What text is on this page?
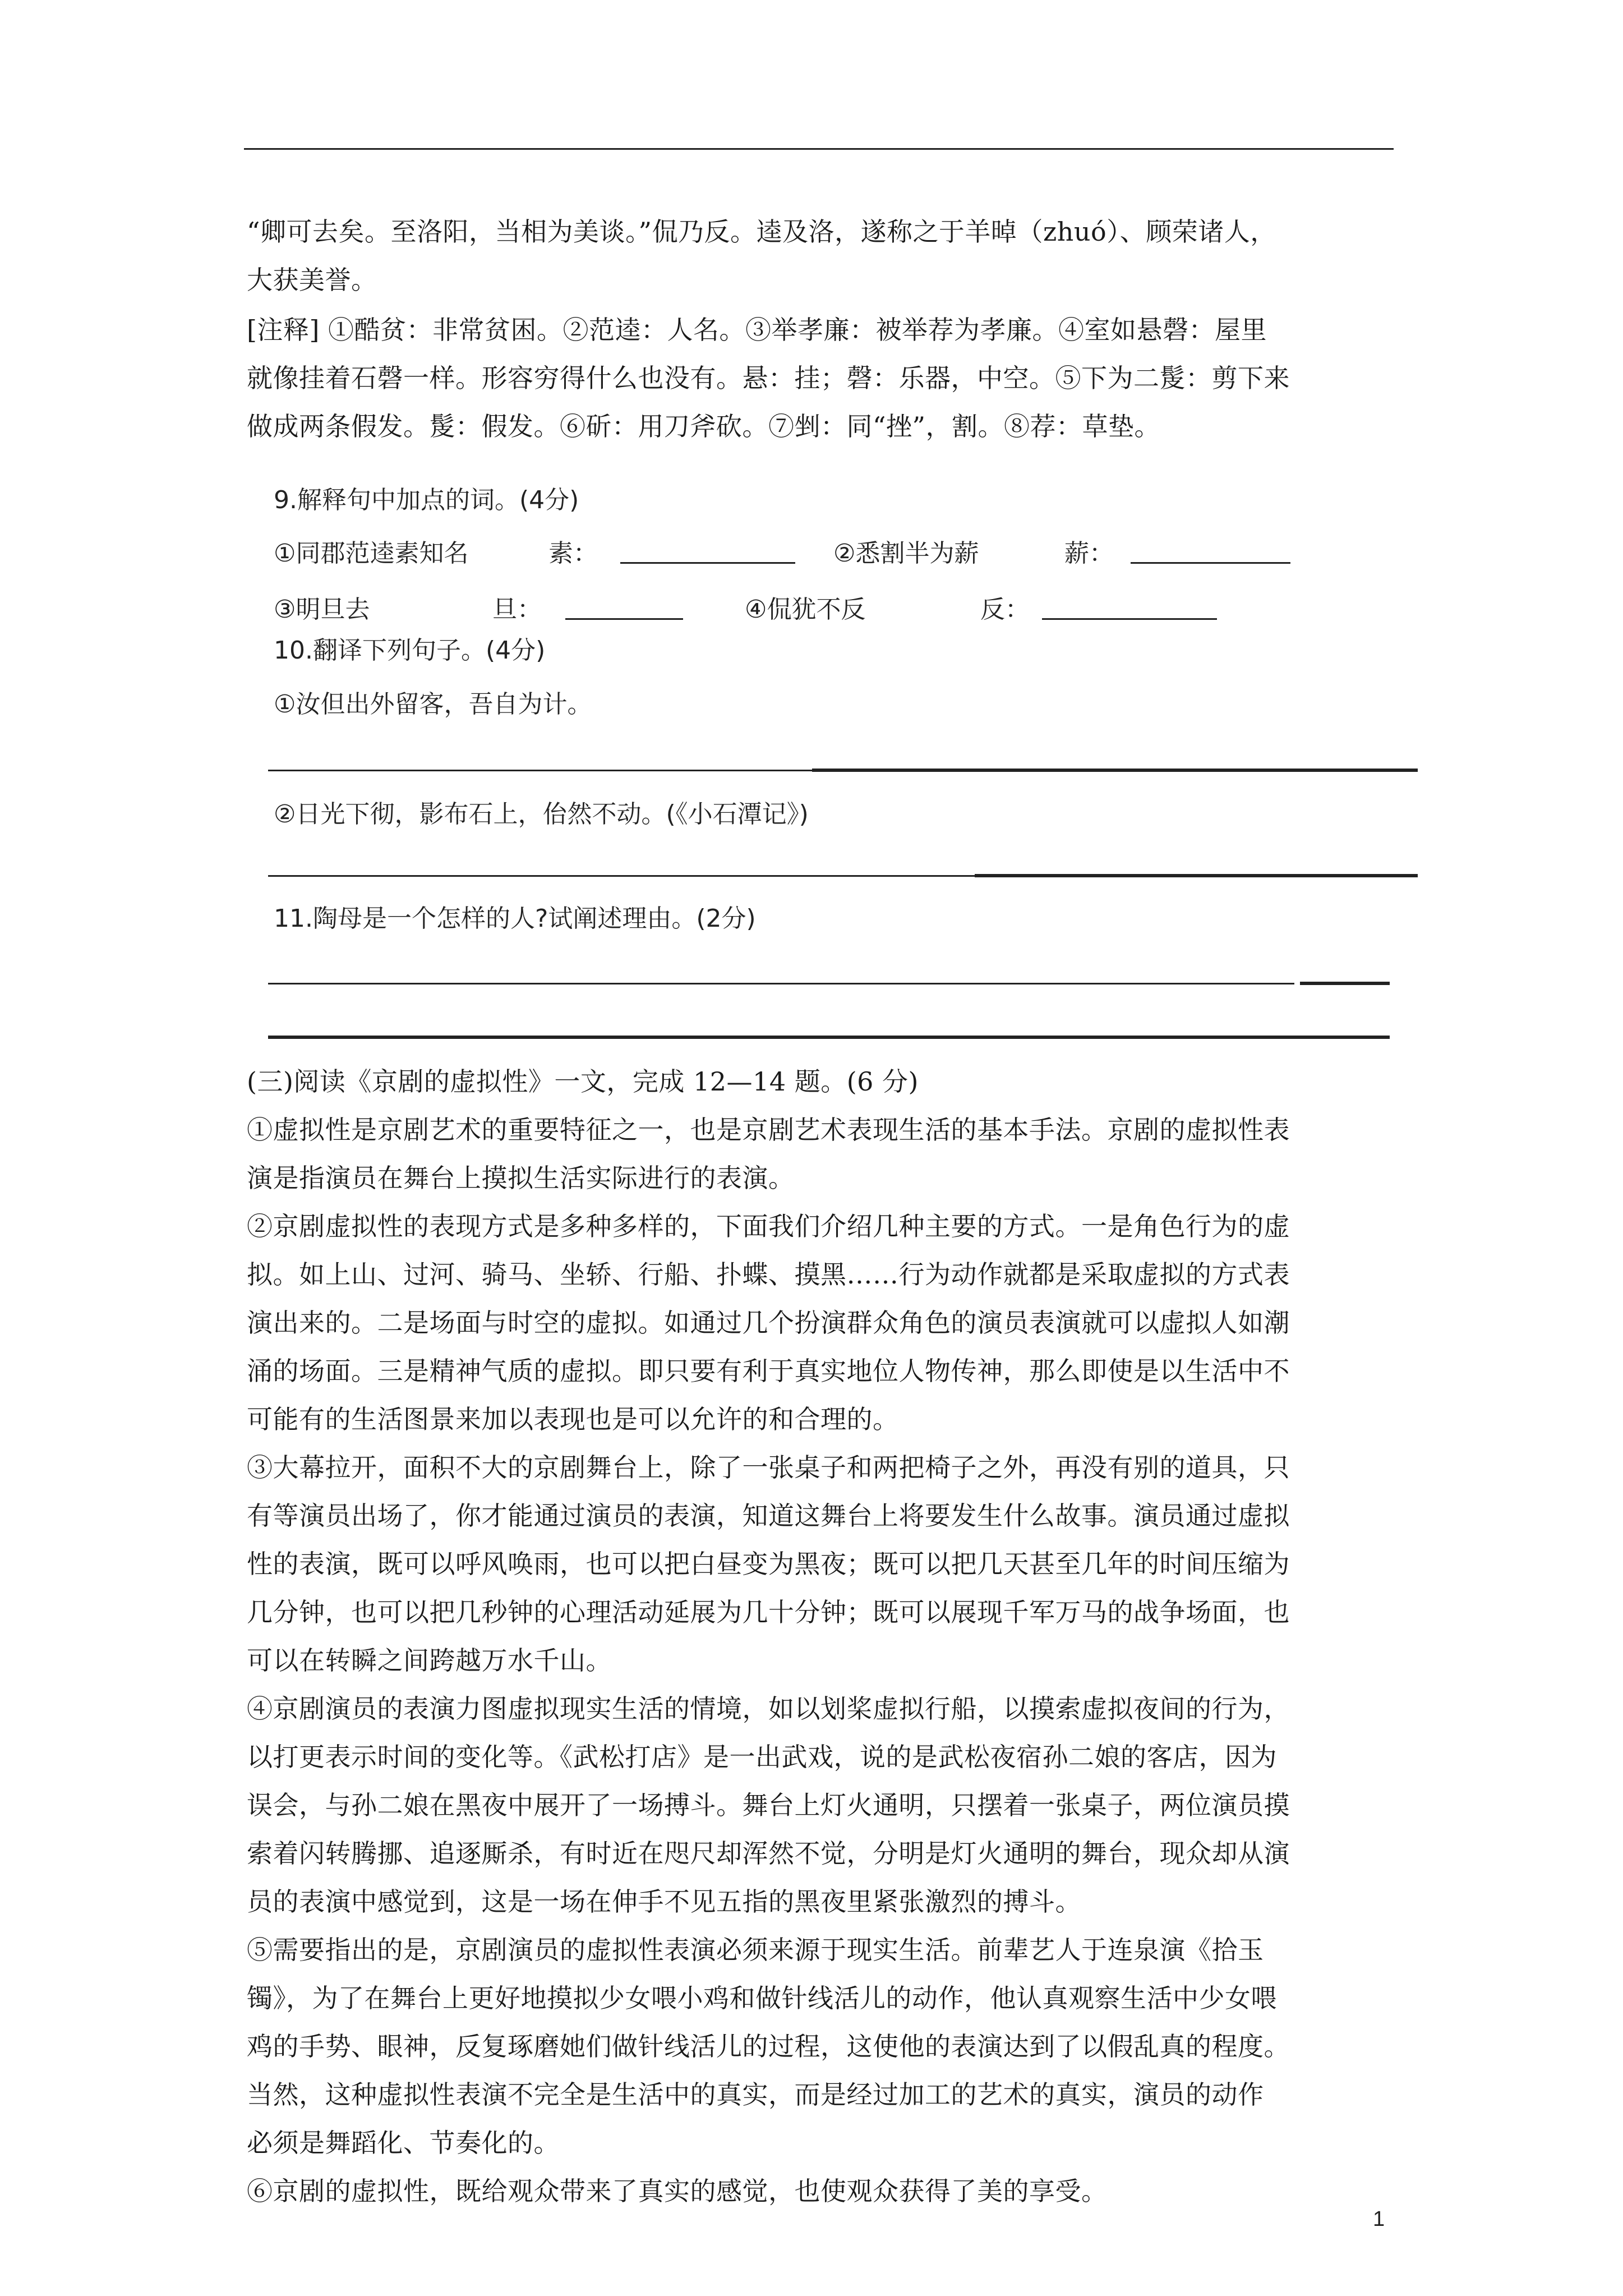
“卿可去矣。至洛阳，当相为美谈。”侃乃反。逵及洛，遂称之于羊晫（zhuó）、顾荣诸人，

大获美誉。

[注释] ①酷贫：非常贫困。②范逵：人名。③举孝廉：被举荐为孝廉。④室如悬磬：屋里

就像挂着石磬一样。形容穷得什么也没有。悬：挂；磬：乐器，中空。⑤下为二髲：剪下来

做成两条假发。髲：假发。⑥斫：用刀斧砍。⑦剉：同“挫”，割。⑧荐：草垫。

9.解释句中加点的词。(4分)

①同郡范逵素知名	素：	②悉割半为薪	薪：
③明旦去	旦：	④侃犹不反	反：

10.翻译下列句子。(4分)

①汝但出外留客，吾自为计。

②日光下彻，影布石上，佁然不动。(《小石潭记》)

11.陶母是一个怎样的人?试阐述理由。(2分)

(三)阅读《京剧的虚拟性》一文，完成 12—14 题。(6 分)

①虚拟性是京剧艺术的重要特征之一，也是京剧艺术表现生活的基本手法。京剧的虚拟性表

演是指演员在舞台上摸拟生活实际进行的表演。

②京剧虚拟性的表现方式是多种多样的，下面我们介绍几种主要的方式。一是角色行为的虚

拟。如上山、过河、骑马、坐轿、行船、扑蝶、摸黑……行为动作就都是采取虚拟的方式表

演出来的。二是场面与时空的虚拟。如通过几个扮演群众角色的演员表演就可以虚拟人如潮

涌的场面。三是精神气质的虚拟。即只要有利于真实地位人物传神，那么即使是以生活中不

可能有的生活图景来加以表现也是可以允许的和合理的。

③大幕拉开，面积不大的京剧舞台上，除了一张桌子和两把椅子之外，再没有别的道具，只

有等演员出场了，你才能通过演员的表演，知道这舞台上将要发生什么故事。演员通过虚拟

性的表演，既可以呼风唤雨，也可以把白昼变为黑夜；既可以把几天甚至几年的时间压缩为

几分钟，也可以把几秒钟的心理活动延展为几十分钟；既可以展现千军万马的战争场面，也

可以在转瞬之间跨越万水千山。

④京剧演员的表演力图虚拟现实生活的情境，如以划桨虚拟行船，以摸索虚拟夜间的行为，

以打更表示时间的变化等。《武松打店》是一出武戏，说的是武松夜宿孙二娘的客店，因为

误会，与孙二娘在黑夜中展开了一场搏斗。舞台上灯火通明，只摆着一张桌子，两位演员摸

索着闪转腾挪、追逐厮杀，有时近在咫尺却浑然不觉，分明是灯火通明的舞台，现众却从演

员的表演中感觉到，这是一场在伸手不见五指的黑夜里紧张激烈的搏斗。

⑤需要指出的是，京剧演员的虚拟性表演必须来源于现实生活。前辈艺人于连泉演《拾玉

镯》，为了在舞台上更好地摸拟少女喂小鸡和做针线活儿的动作，他认真观察生活中少女喂

鸡的手势、眼神，反复琢磨她们做针线活儿的过程，这使他的表演达到了以假乱真的程度。

当然，这种虚拟性表演不完全是生活中的真实，而是经过加工的艺术的真实，演员的动作

必须是舞蹈化、节奏化的。

⑥京剧的虚拟性，既给观众带来了真实的感觉，也使观众获得了美的享受。

1
